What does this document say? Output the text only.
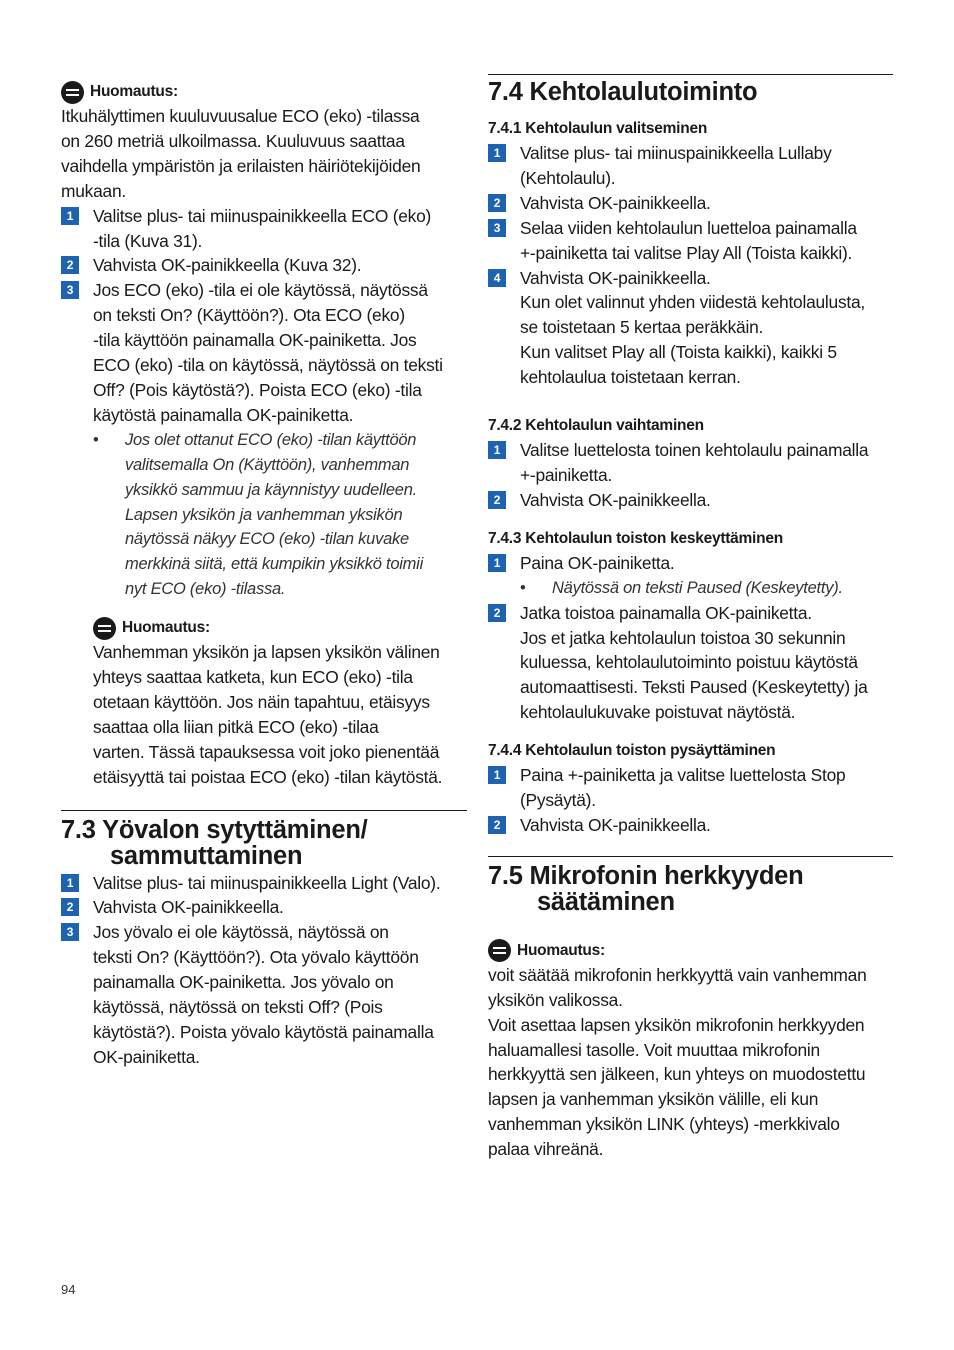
Huomautus:
Itkuhälyttimen kuuluvuusalue ECO (eko) -tilassa
on 260 metriä ulkoilmassa. Kuuluvuus saattaa
vaihdella ympäristön ja erilaisten häiriötekijöiden
mukaan.
1	Valitse plus- tai miinuspainikkeella ECO (eko)
-tila (Kuva 31).
2	Vahvista OK-painikkeella (Kuva 32).
3	Jos ECO (eko) -tila ei ole käytössä, näytössä
on teksti On? (Käyttöön?). Ota ECO (eko)
-tila käyttöön painamalla OK-painiketta. Jos
ECO (eko) -tila on käytössä, näytössä on teksti
Off? (Pois käytöstä?). Poista ECO (eko) -tila
käytöstä painamalla OK-painiketta.
•	Jos olet ottanut ECO (eko) -tilan käyttöön
valitsemalla On (Käyttöön), vanhemman
yksikkö sammuu ja käynnistyy uudelleen.
Lapsen yksikön ja vanhemman yksikön
näytössä näkyy ECO (eko) -tilan kuvake
merkkinä siitä, että kumpikin yksikkö toimii
nyt ECO (eko) -tilassa.
Huomautus:
Vanhemman yksikön ja lapsen yksikön välinen
yhteys saattaa katketa, kun ECO (eko) -tila
otetaan käyttöön. Jos näin tapahtuu, etäisyys
saattaa olla liian pitkä ECO (eko) -tilaa
varten. Tässä tapauksessa voit joko pienentää
etäisyyttä tai poistaa ECO (eko) -tilan käytöstä.
7.3 Yövalon sytyttäminen/
sammuttaminen
1	Valitse plus- tai miinuspainikkeella Light (Valo).
2	Vahvista OK-painikkeella.
3	Jos yövalo ei ole käytössä, näytössä on
teksti On? (Käyttöön?). Ota yövalo käyttöön
painamalla OK-painiketta. Jos yövalo on
käytössä, näytössä on teksti Off? (Pois
käytöstä?). Poista yövalo käytöstä painamalla
OK-painiketta.
7.4 Kehtolaulutoiminto
7.4.1 Kehtolaulun valitseminen
1	Valitse plus- tai miinuspainikkeella Lullaby
(Kehtolaulu).
2	Vahvista OK-painikkeella.
3	Selaa viiden kehtolaulun luetteloa painamalla
+-painiketta tai valitse Play All (Toista kaikki).
4	Vahvista OK-painikkeella.
Kun olet valinnut yhden viidestä kehtolaulusta,
se toistetaan 5 kertaa peräkkäin.
Kun valitset Play all (Toista kaikki), kaikki 5
kehtolaulua toistetaan kerran.
7.4.2 Kehtolaulun vaihtaminen
1	Valitse luettelosta toinen kehtolaulu painamalla
+-painiketta.
2	Vahvista OK-painikkeella.
7.4.3 Kehtolaulun toiston keskeyttäminen
1	Paina OK-painiketta.
•	Näytössä on teksti Paused (Keskeytetty).
2	Jatka toistoa painamalla OK-painiketta.
Jos et jatka kehtolaulun toistoa 30 sekunnin
kuluessa, kehtolaulutoiminto poistuu käytöstä
automaattisesti. Teksti Paused (Keskeytetty) ja
kehtolaulukuvake poistuvat näytöstä.
7.4.4 Kehtolaulun toiston pysäyttäminen
1	Paina +-painiketta ja valitse luettelosta Stop
(Pysäytä).
2	Vahvista OK-painikkeella.
7.5 Mikrofonin herkkyyden
säätäminen
Huomautus:
voit säätää mikrofonin herkkyyttä vain vanhemman
yksikön valikossa.
Voit asettaa lapsen yksikön mikrofonin herkkyyden
haluamallesi tasolle. Voit muuttaa mikrofonin
herkkyyttä sen jälkeen, kun yhteys on muodostettu
lapsen ja vanhemman yksikön välille, eli kun
vanhemman yksikön LINK (yhteys) -merkkivalo
palaa vihreänä.
94
